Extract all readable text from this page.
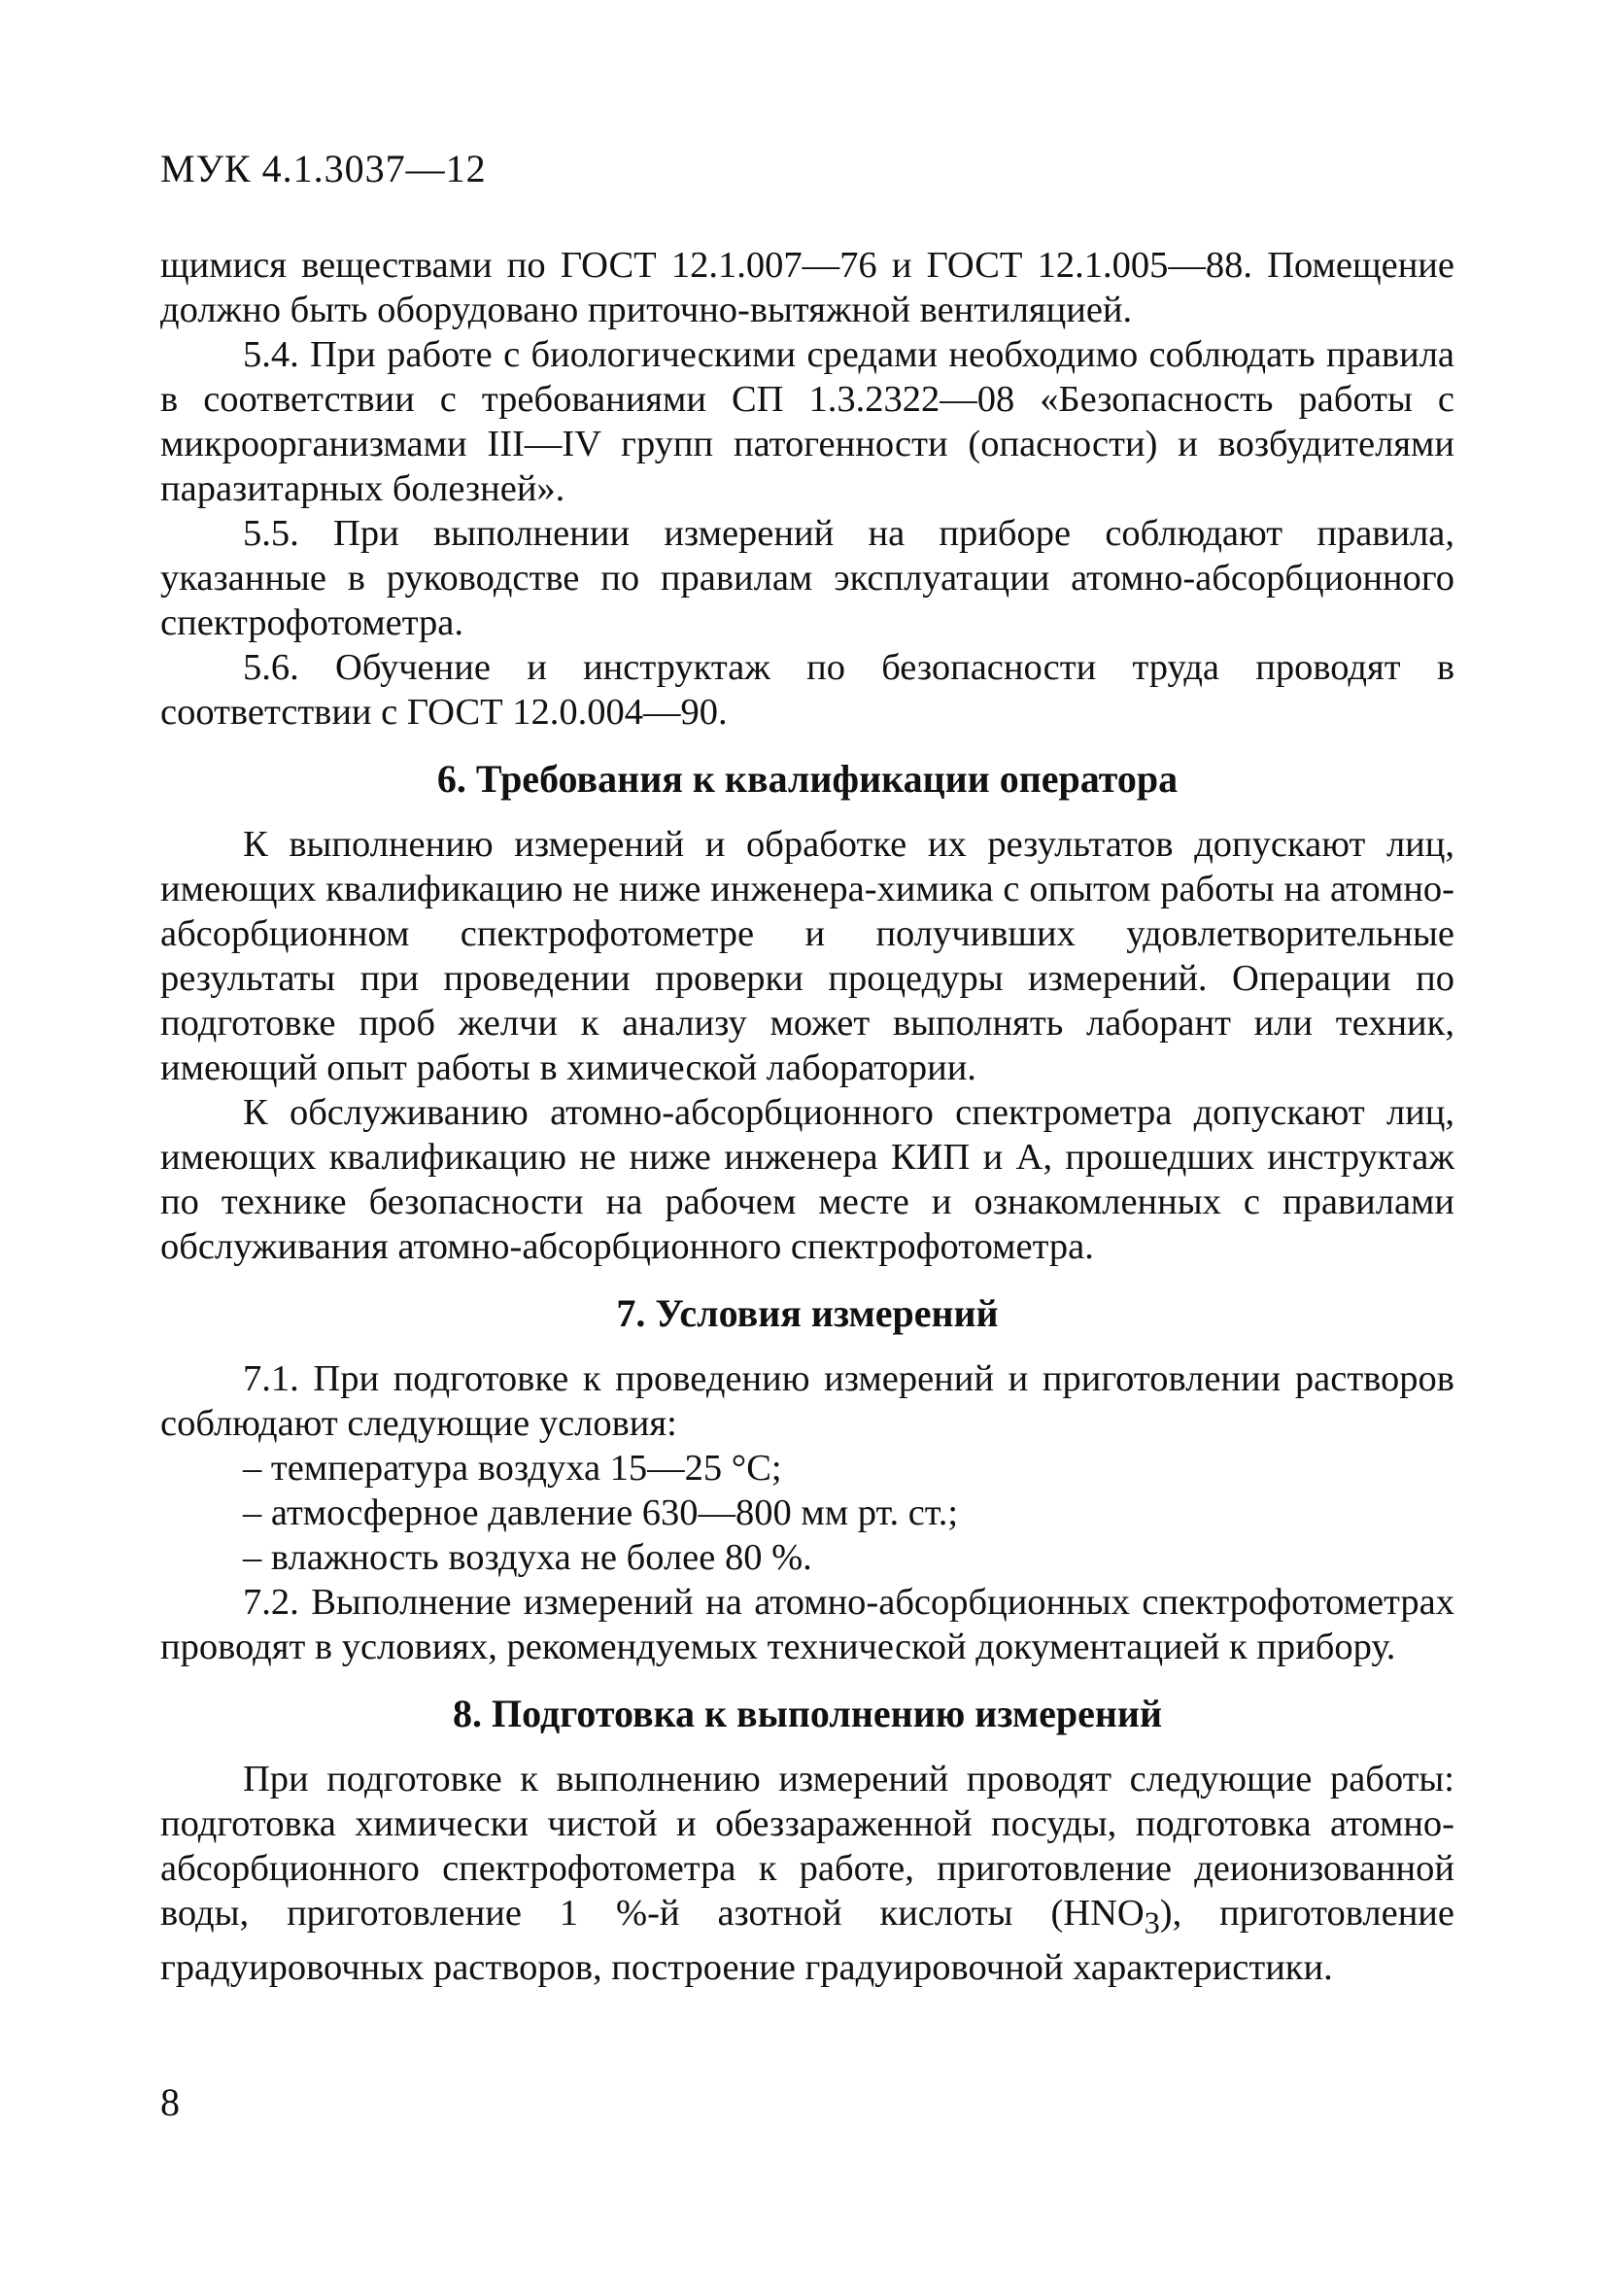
МУК 4.1.3037—12

щимися веществами по ГОСТ 12.1.007—76 и ГОСТ 12.1.005—88. Помещение должно быть оборудовано приточно-вытяжной вентиляцией.

5.4. При работе с биологическими средами необходимо соблюдать правила в соответствии с требованиями СП 1.3.2322—08 «Безопасность работы с микроорганизмами III—IV групп патогенности (опасности) и возбудителями паразитарных болезней».

5.5. При выполнении измерений на приборе соблюдают правила, указанные в руководстве по правилам эксплуатации атомно-абсорбционного спектрофотометра.

5.6. Обучение и инструктаж по безопасности труда проводят в соответствии с ГОСТ 12.0.004—90.

6. Требования к квалификации оператора

К выполнению измерений и обработке их результатов допускают лиц, имеющих квалификацию не ниже инженера-химика с опытом работы на атомно-абсорбционном спектрофотометре и получивших удовлетворительные результаты при проведении проверки процедуры измерений. Операции по подготовке проб желчи к анализу может выполнять лаборант или техник, имеющий опыт работы в химической лаборатории.

К обслуживанию атомно-абсорбционного спектрометра допускают лиц, имеющих квалификацию не ниже инженера КИП и А, прошедших инструктаж по технике безопасности на рабочем месте и ознакомленных с правилами обслуживания атомно-абсорбционного спектрофотометра.

7. Условия измерений

7.1. При подготовке к проведению измерений и приготовлении растворов соблюдают следующие условия:

– температура воздуха 15—25 °С;

– атмосферное давление 630—800 мм рт. ст.;

– влажность воздуха не более 80 %.

7.2. Выполнение измерений на атомно-абсорбционных спектрофотометрах проводят в условиях, рекомендуемых технической документацией к прибору.

8. Подготовка к выполнению измерений

При подготовке к выполнению измерений проводят следующие работы: подготовка химически чистой и обеззараженной посуды, подготовка атомно-абсорбционного спектрофотометра к работе, приготовление деионизованной воды, приготовление 1 %-й азотной кислоты $(HNO_3)$, приготовление градуировочных растворов, построение градуировочной характеристики.

8
